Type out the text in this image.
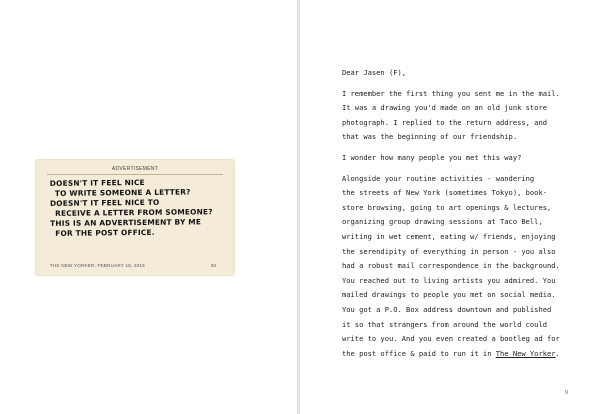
ADVERTISEMENT
DOESN'T IT FEEL NICE
TO WRITE SOMEONE A LETTER?
DOESN'T IT FEEL NICE TO
RECEIVE A LETTER FROM SOMEONE?
THIS IS AN ADVERTISEMENT BY ME
FOR THE POST OFFICE.
THE NEW YORKER, FEBRUARY 16, 2015	63

Dear Jasen (F),

I remember the first thing you sent me in the mail.
It was a drawing you'd made on an old junk store
photograph. I replied to the return address, and
that was the beginning of our friendship.

I wonder how many people you met this way?

Alongside your routine activities - wandering
the streets of New York (sometimes Tokyo), book-
store browsing, going to art openings & lectures,
organizing group drawing sessions at Taco Bell,
writing in wet cement, eating w/ friends, enjoying
the serendipity of everything in person - you also
had a robust mail correspondence in the background.
You reached out to living artists you admired. You
mailed drawings to people you met on social media.
You got a P.O. Box address downtown and published
it so that strangers from around the world could
write to you. And you even created a bootleg ad for
the post office & paid to run it in The New Yorker.

9
